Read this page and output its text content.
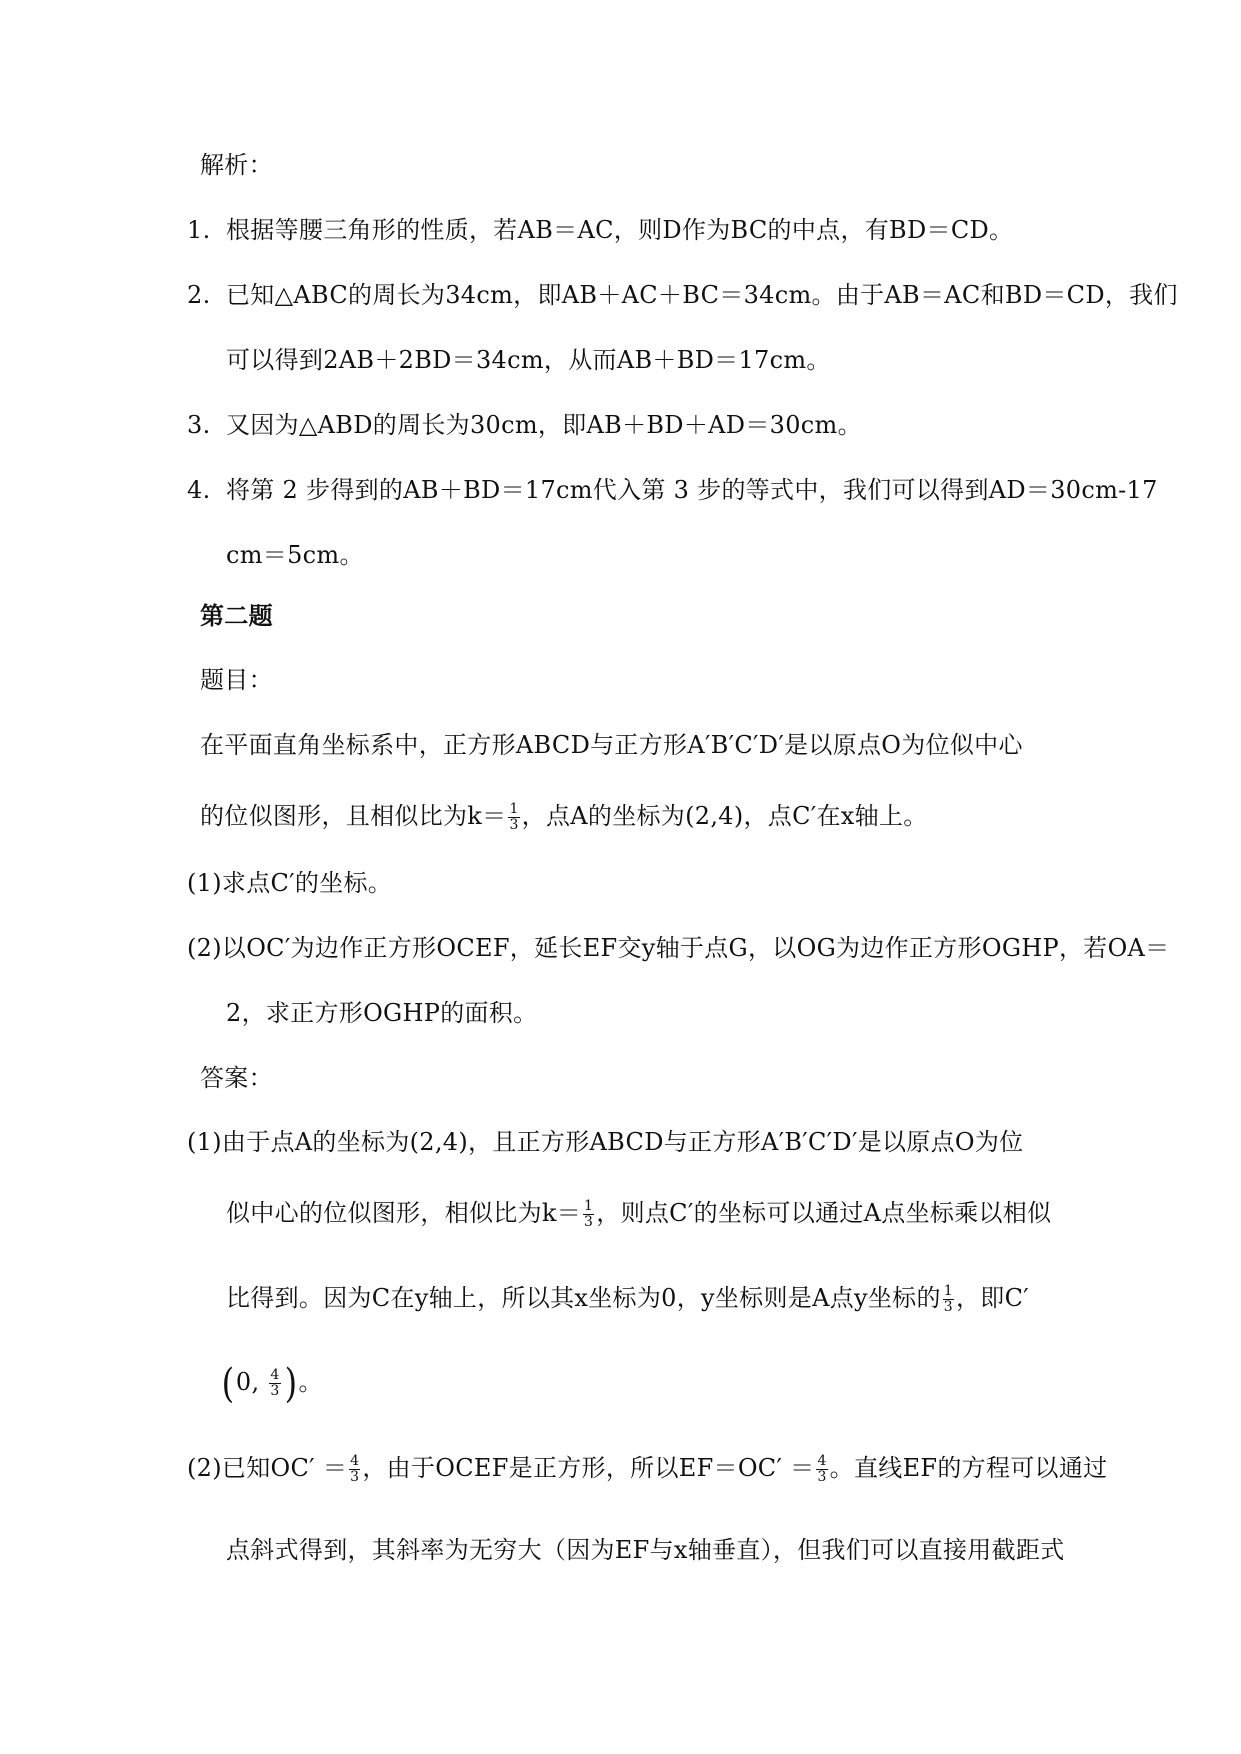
解析：
1. 根据等腰三角形的性质，若AB＝AC，则D作为BC的中点，有BD＝CD。
2. 已知△ABC的周长为34cm，即AB＋AC＋BC＝34cm。由于AB＝AC和BD＝CD，我们
可以得到2AB＋2BD＝34cm，从而AB＋BD＝17cm。
3. 又因为△ABD的周长为30cm，即AB＋BD＋AD＝30cm。
4. 将第 2 步得到的AB＋BD＝17cm代入第 3 步的等式中，我们可以得到AD＝30cm-17
cm＝5cm。
第二题
题目：
在平面直角坐标系中，正方形ABCD与正方形A′B′C′D′是以原点O为位似中心
的位似图形，且相似比为$k= \frac{1}{3}$ ，点A的坐标为(2,4)，点C′在x轴上。
(1)求点C′的坐标。
(2)以OC′为边作正方形OCEF，延长EF交y轴于点G，以OG为边作正方形OGHP，若OA＝
2，求正方形OGHP的面积。
答案：
(1)由于点A的坐标为(2,4)，且正方形ABCD与正方形A′B′C′D′是以原点O为位
似中心的位似图形，相似比为$k= \frac{1}{3}$ ，则点C′的坐标可以通过A点坐标乘以相似
比得到。因为C在y轴上，所以其x坐标为0，y坐标则是A点y坐标的 $\frac{1}{3}$ ，即C′
(0, $\frac{4}{3}$ )。
(2)已知$OC' = \frac{4}{3}$ ，由于OCEF是正方形，所以$EF=OC' = \frac{4}{3}$ 。直线EF的方程可以通过
点斜式得到，其斜率为无穷大（因为EF与x轴垂直），但我们可以直接用截距式
